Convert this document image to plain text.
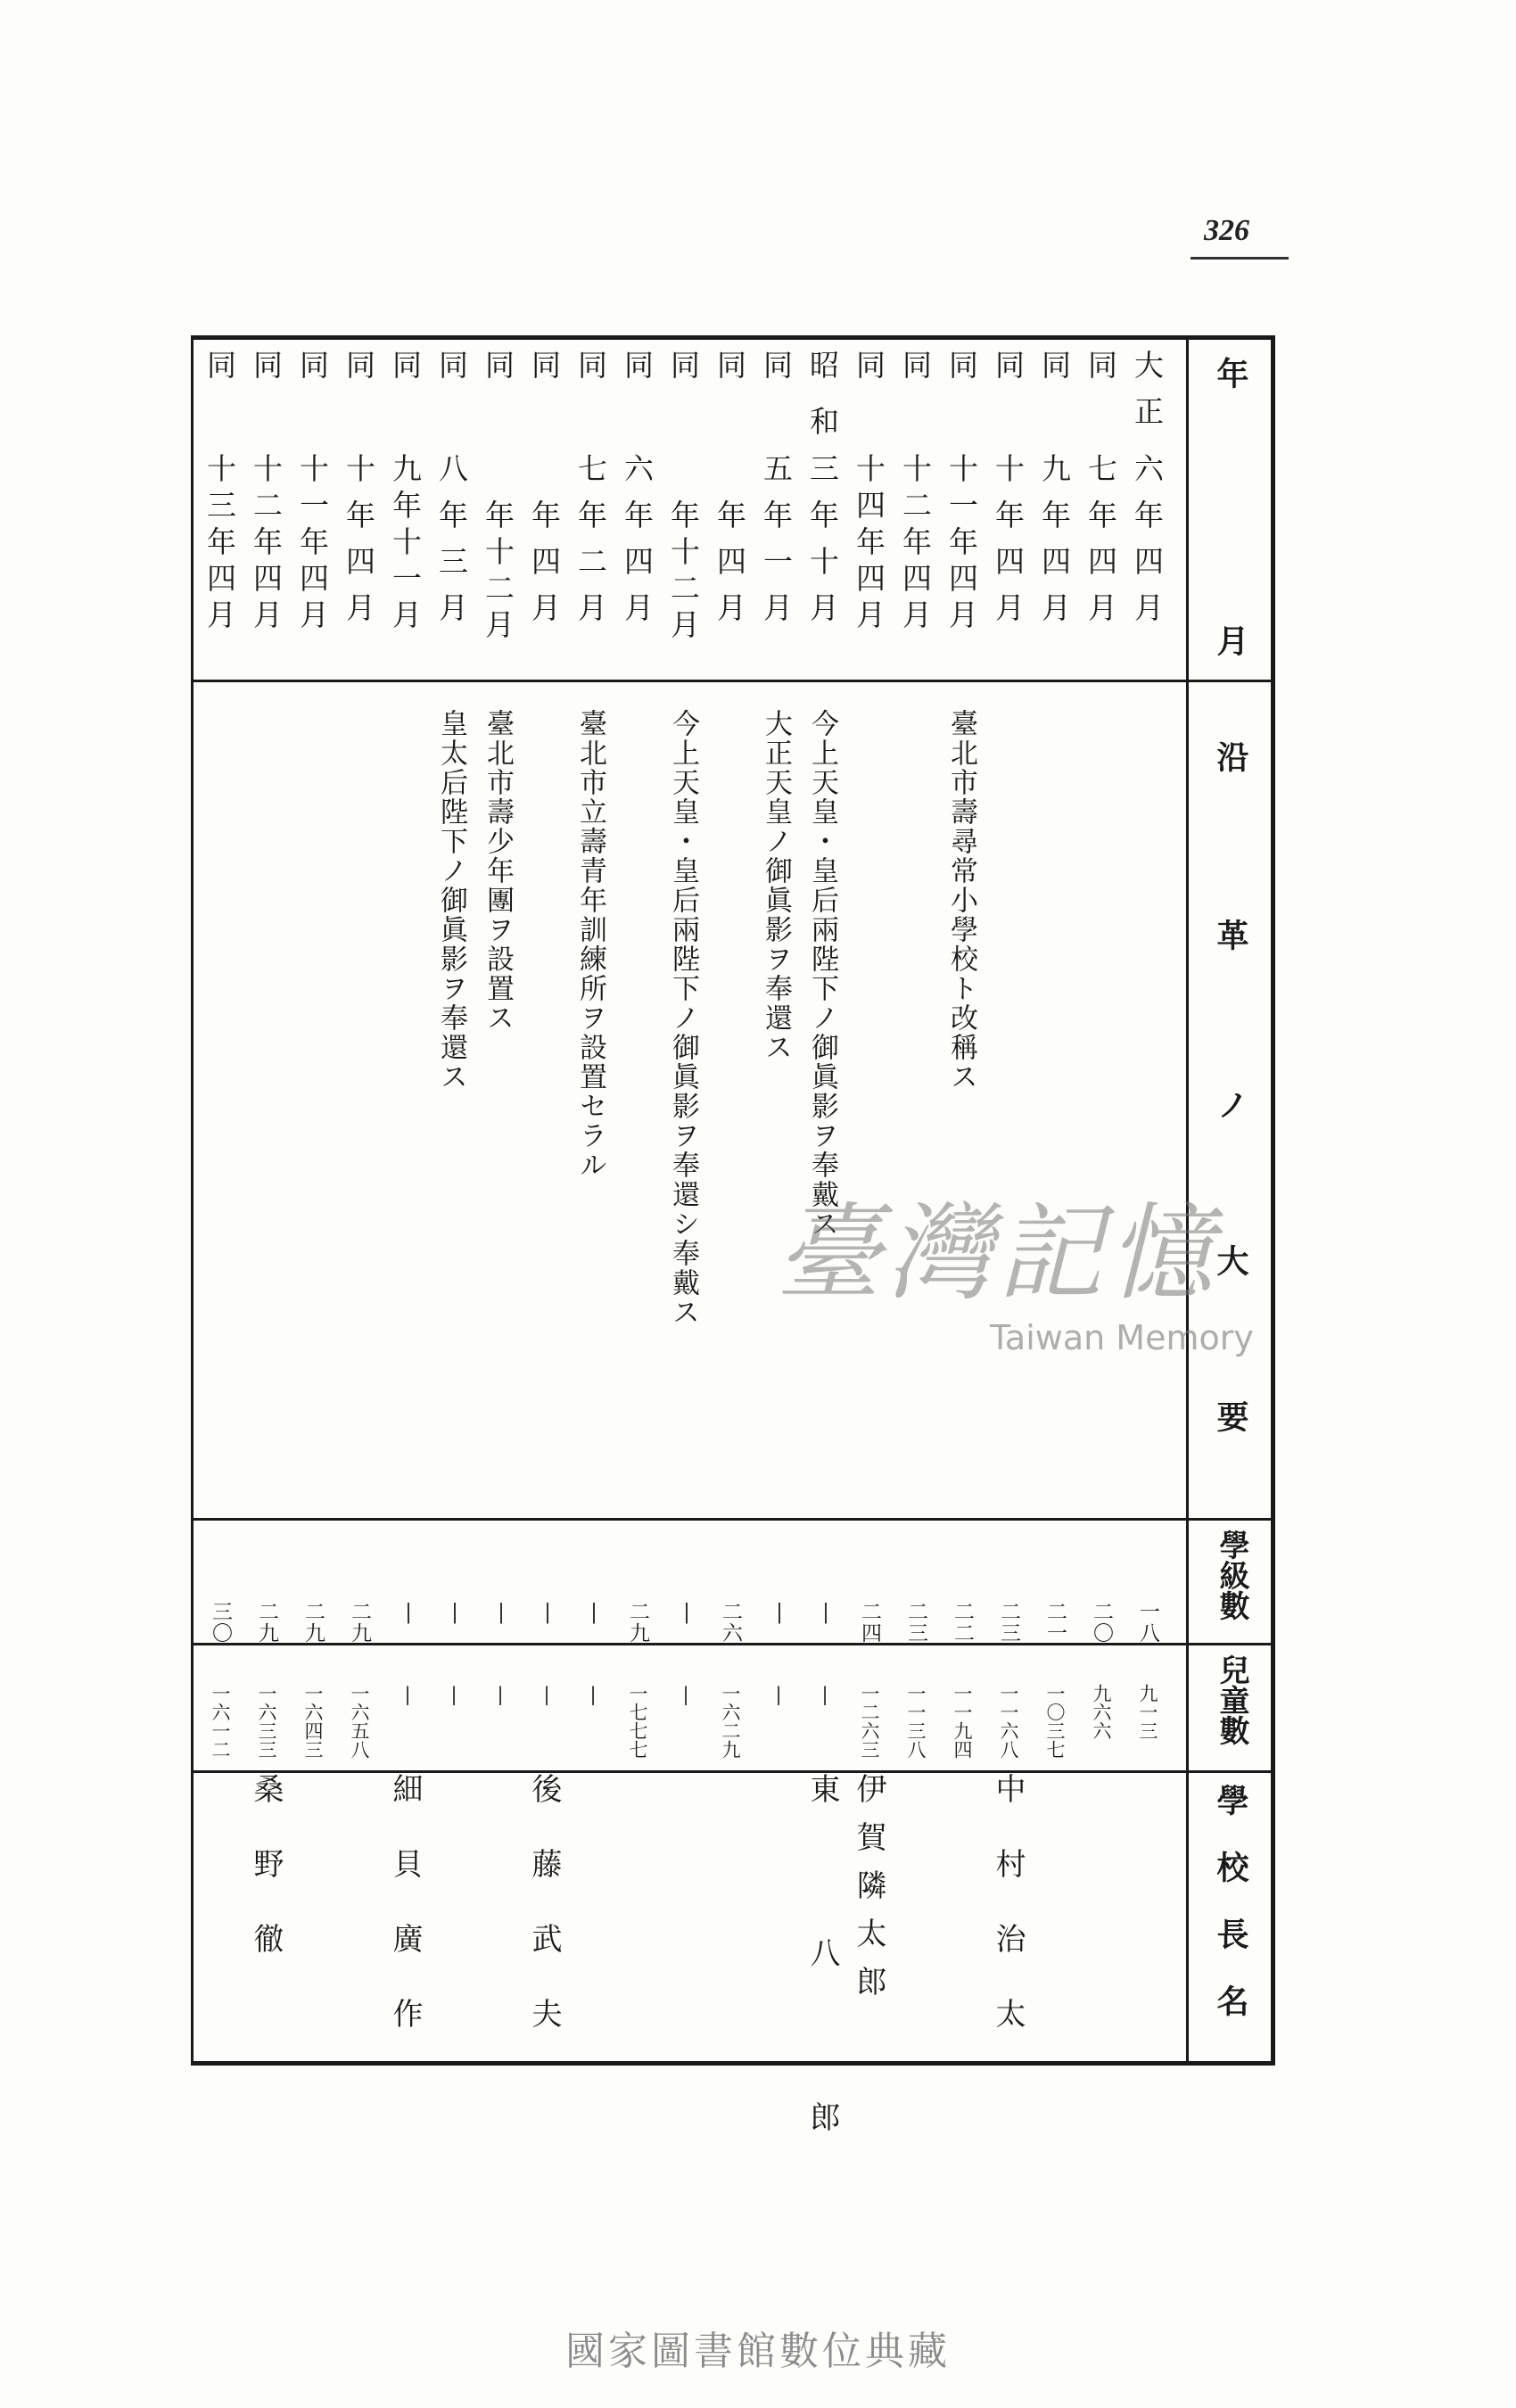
326
年
月
沿
革
ノ
大
要
學級數
兒童數
學
校
長
名
大正
六年四月
一八
九一三
同
七年四月
二〇
九六六
同
九年四月
二一
一〇三七
同
十年四月
二三
一一六八
中村治太
同
十一年四月
臺北市壽尋常小學校ト改稱ス
二二
一一九四
同
十二年四月
二三
一一三八
同
十四年四月
二四
一二六三
伊賀隣太郎
昭和
三年十月
今上天皇・皇后兩陛下ノ御眞影ヲ奉戴ス
|
|
東八郎
同
五年一月
大正天皇ノ御眞影ヲ奉還ス
|
|
同
年四月
二六
一六二九
同
年十二月
今上天皇・皇后兩陛下ノ御眞影ヲ奉還シ奉戴ス
|
|
同
六年四月
二九
一七七七
同
七年二月
臺北市立壽青年訓練所ヲ設置セラル
|
|
同
年四月
|
|
後藤武夫
同
年十二月
臺北市壽少年團ヲ設置ス
|
|
同
八年三月
皇太后陛下ノ御眞影ヲ奉還ス
|
|
同
九年十一月
|
|
細貝廣作
同
十年四月
二九
一六五八
同
十一年四月
二九
一六四三
同
十二年四月
二九
一六三三
桑野徹
同
十三年四月
三〇
一六一二
臺灣記憶
Taiwan Memory
國家圖書館數位典藏
